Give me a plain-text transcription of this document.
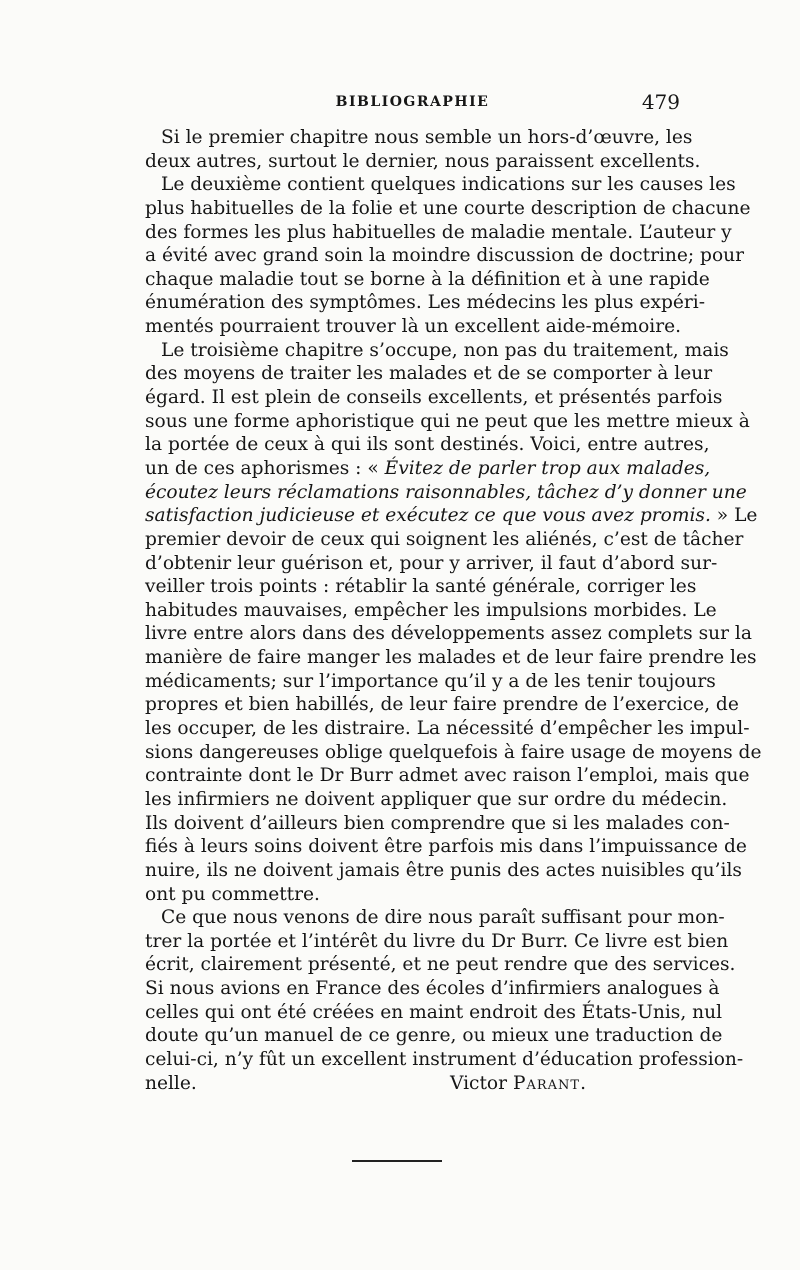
BIBLIOGRAPHIE	479
Si le premier chapitre nous semble un hors-d’œuvre, les
deux autres, surtout le dernier, nous paraissent excellents.
Le deuxième contient quelques indications sur les causes les
plus habituelles de la folie et une courte description de chacune
des formes les plus habituelles de maladie mentale. L’auteur y
a évité avec grand soin la moindre discussion de doctrine; pour
chaque maladie tout se borne à la définition et à une rapide
énumération des symptômes. Les médecins les plus expéri-
mentés pourraient trouver là un excellent aide-mémoire.
Le troisième chapitre s’occupe, non pas du traitement, mais
des moyens de traiter les malades et de se comporter à leur
égard. Il est plein de conseils excellents, et présentés parfois
sous une forme aphoristique qui ne peut que les mettre mieux à
la portée de ceux à qui ils sont destinés. Voici, entre autres,
un de ces aphorismes : « Évitez de parler trop aux malades,
écoutez leurs réclamations raisonnables, tâchez d’y donner une
satisfaction judicieuse et exécutez ce que vous avez promis. » Le
premier devoir de ceux qui soignent les aliénés, c’est de tâcher
d’obtenir leur guérison et, pour y arriver, il faut d’abord sur-
veiller trois points : rétablir la santé générale, corriger les
habitudes mauvaises, empêcher les impulsions morbides. Le
livre entre alors dans des développements assez complets sur la
manière de faire manger les malades et de leur faire prendre les
médicaments; sur l’importance qu’il y a de les tenir toujours
propres et bien habillés, de leur faire prendre de l’exercice, de
les occuper, de les distraire. La nécessité d’empêcher les impul-
sions dangereuses oblige quelquefois à faire usage de moyens de
contrainte dont le Dr Burr admet avec raison l’emploi, mais que
les infirmiers ne doivent appliquer que sur ordre du médecin.
Ils doivent d’ailleurs bien comprendre que si les malades con-
fiés à leurs soins doivent être parfois mis dans l’impuissance de
nuire, ils ne doivent jamais être punis des actes nuisibles qu’ils
ont pu commettre.
Ce que nous venons de dire nous paraît suffisant pour mon-
trer la portée et l’intérêt du livre du Dr Burr. Ce livre est bien
écrit, clairement présenté, et ne peut rendre que des services.
Si nous avions en France des écoles d’infirmiers analogues à
celles qui ont été créées en maint endroit des États-Unis, nul
doute qu’un manuel de ce genre, ou mieux une traduction de
celui-ci, n’y fût un excellent instrument d’éducation profession-
nelle.	Victor Parant.
